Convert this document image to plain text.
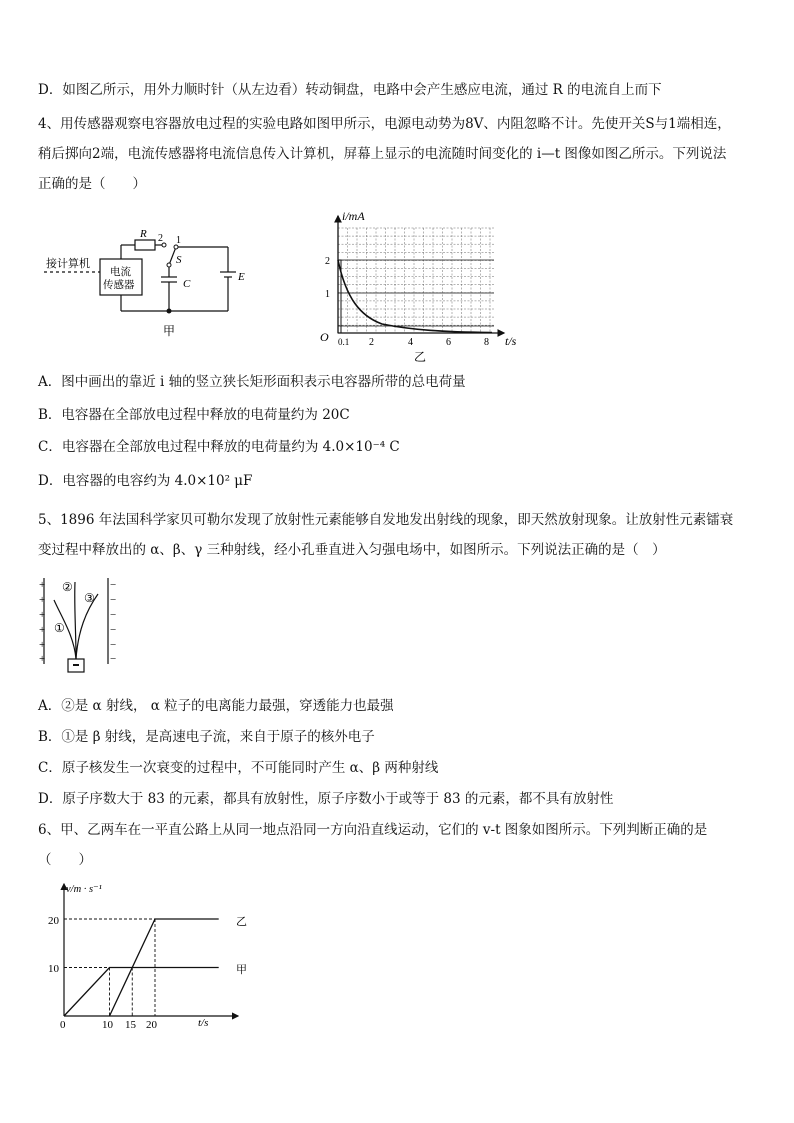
D．如图乙所示，用外力顺时针（从左边看）转动铜盘，电路中会产生感应电流，通过 R 的电流自上而下
4、用传感器观察电容器放电过程的实验电路如图甲所示，电源电动势为8V、内阻忽略不计。先使开关S与1端相连，
稍后掷向2端，电流传感器将电流信息传入计算机，屏幕上显示的电流随时间变化的 i—t 图像如图乙所示。下列说法
正确的是（　　）
接计算机
电流
传感器
R 2 1
S
C
E
甲
i/mA
t/s
O
1
2
0.1 2	4	6	8
乙
A．图中画出的靠近 i 轴的竖立狭长矩形面积表示电容器所带的总电荷量
B．电容器在全部放电过程中释放的电荷量约为 20C
C．电容器在全部放电过程中释放的电荷量约为 4.0×10⁻⁴ C
D．电容器的电容约为 4.0×10² μF
5、1896 年法国科学家贝可勒尔发现了放射性元素能够自发地发出射线的现象，即天然放射现象。让放射性元素镭衰
变过程中释放出的 α、β、γ 三种射线，经小孔垂直进入匀强电场中，如图所示。下列说法正确的是（　）
+
+
+
+
+
+
−
−
−
−
−
−
①
②
③
A．②是 α 射线， α 粒子的电离能力最强，穿透能力也最强
B．①是 β 射线，是高速电子流，来自于原子的核外电子
C．原子核发生一次衰变的过程中，不可能同时产生 α、β 两种射线
D．原子序数大于 83 的元素，都具有放射性，原子序数小于或等于 83 的元素，都不具有放射性
6、甲、乙两车在一平直公路上从同一地点沿同一方向沿直线运动，它们的 v-t 图象如图所示。下列判断正确的是
（　　）
v/m · s⁻¹
t/s
0
10
20
10 15 20
甲
乙
